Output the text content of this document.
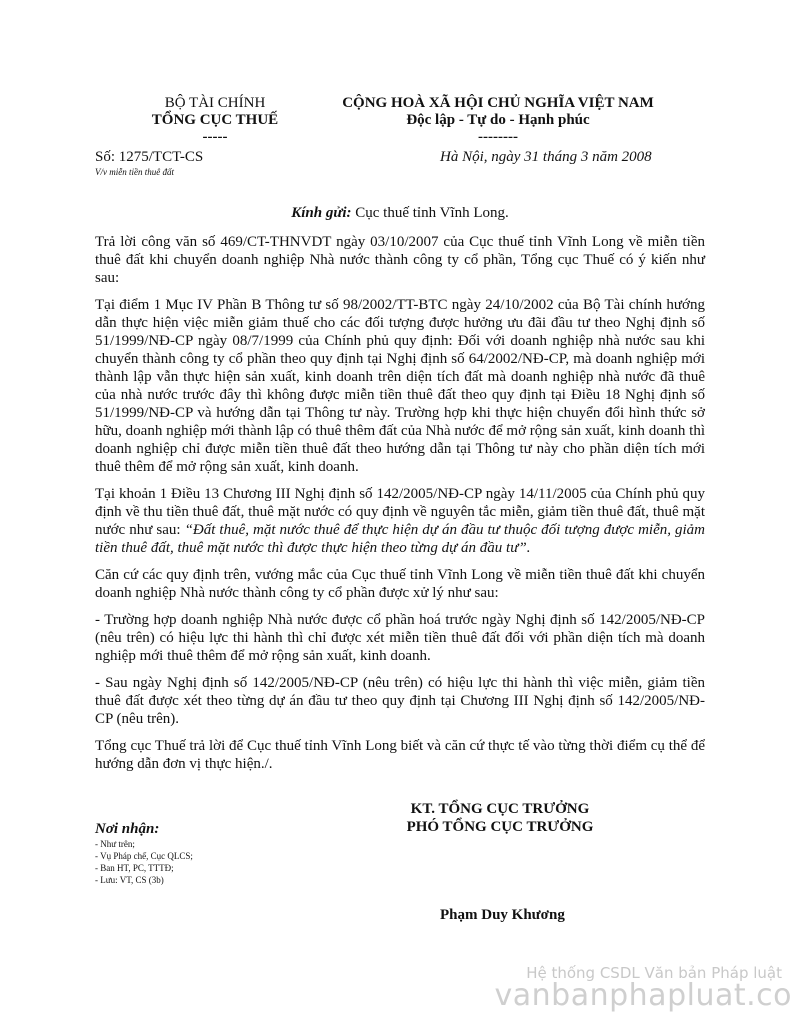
BỘ TÀI CHÍNH
TỔNG CỤC THUẾ
-----
CỘNG HOÀ XÃ HỘI CHỦ NGHĨA VIỆT NAM
Độc lập - Tự do - Hạnh phúc
--------
Số: 1275/TCT-CS
V/v miễn tiền thuê đất
Hà Nội, ngày 31 tháng 3 năm 2008
Kính gửi: Cục thuế tỉnh Vĩnh Long.

Trả lời công văn số 469/CT-THNVDT ngày 03/10/2007 của Cục thuế tỉnh Vĩnh Long về miễn tiền thuê đất khi chuyển doanh nghiệp Nhà nước thành công ty cổ phần, Tổng cục Thuế có ý kiến như sau:

Tại điểm 1 Mục IV Phần B Thông tư số 98/2002/TT-BTC ngày 24/10/2002 của Bộ Tài chính hướng dẫn thực hiện việc miễn giảm thuế cho các đối tượng được hưởng ưu đãi đầu tư theo Nghị định số 51/1999/NĐ-CP ngày 08/7/1999 của Chính phủ quy định: Đối với doanh nghiệp nhà nước sau khi chuyển thành công ty cổ phần theo quy định tại Nghị định số 64/2002/NĐ-CP, mà doanh nghiệp mới thành lập vẫn thực hiện sản xuất, kinh doanh trên diện tích đất mà doanh nghiệp nhà nước đã thuê của nhà nước trước đây thì không được miễn tiền thuê đất theo quy định tại Điều 18 Nghị định số 51/1999/NĐ-CP và hướng dẫn tại Thông tư này. Trường hợp khi thực hiện chuyển đổi hình thức sở hữu, doanh nghiệp mới thành lập có thuê thêm đất của Nhà nước để mở rộng sản xuất, kinh doanh thì doanh nghiệp chỉ được miễn tiền thuê đất theo hướng dẫn tại Thông tư này cho phần diện tích mới thuê thêm để mở rộng sản xuất, kinh doanh.

Tại khoản 1 Điều 13 Chương III Nghị định số 142/2005/NĐ-CP ngày 14/11/2005 của Chính phủ quy định về thu tiền thuê đất, thuê mặt nước có quy định về nguyên tắc miễn, giảm tiền thuê đất, thuê mặt nước như sau: “Đất thuê, mặt nước thuê để thực hiện dự án đầu tư thuộc đối tượng được miễn, giảm tiền thuê đất, thuê mặt nước thì được thực hiện theo từng dự án đầu tư”.

Căn cứ các quy định trên, vướng mắc của Cục thuế tỉnh Vĩnh Long về miễn tiền thuê đất khi chuyển doanh nghiệp Nhà nước thành công ty cổ phần được xử lý như sau:

- Trường hợp doanh nghiệp Nhà nước được cổ phần hoá trước ngày Nghị định số 142/2005/NĐ-CP (nêu trên) có hiệu lực thi hành thì chỉ được xét miễn tiền thuê đất đối với phần diện tích mà doanh nghiệp mới thuê thêm để mở rộng sản xuất, kinh doanh.

- Sau ngày Nghị định số 142/2005/NĐ-CP (nêu trên) có hiệu lực thi hành thì việc miễn, giảm tiền thuê đất được xét theo từng dự án đầu tư theo quy định tại Chương III Nghị định số 142/2005/NĐ-CP (nêu trên).

Tổng cục Thuế trả lời để Cục thuế tỉnh Vĩnh Long biết và căn cứ thực tế vào từng thời điểm cụ thể để hướng dẫn đơn vị thực hiện./.

KT. TỔNG CỤC TRƯỞNG
PHÓ TỔNG CỤC TRƯỞNG
Nơi nhận:
- Như trên;
- Vụ Pháp chế, Cục QLCS;
- Ban HT, PC, TTTĐ;
- Lưu: VT, CS (3b)
Phạm Duy Khương
Hệ thống CSDL Văn bản Pháp luật
vanbanphapluat.co
